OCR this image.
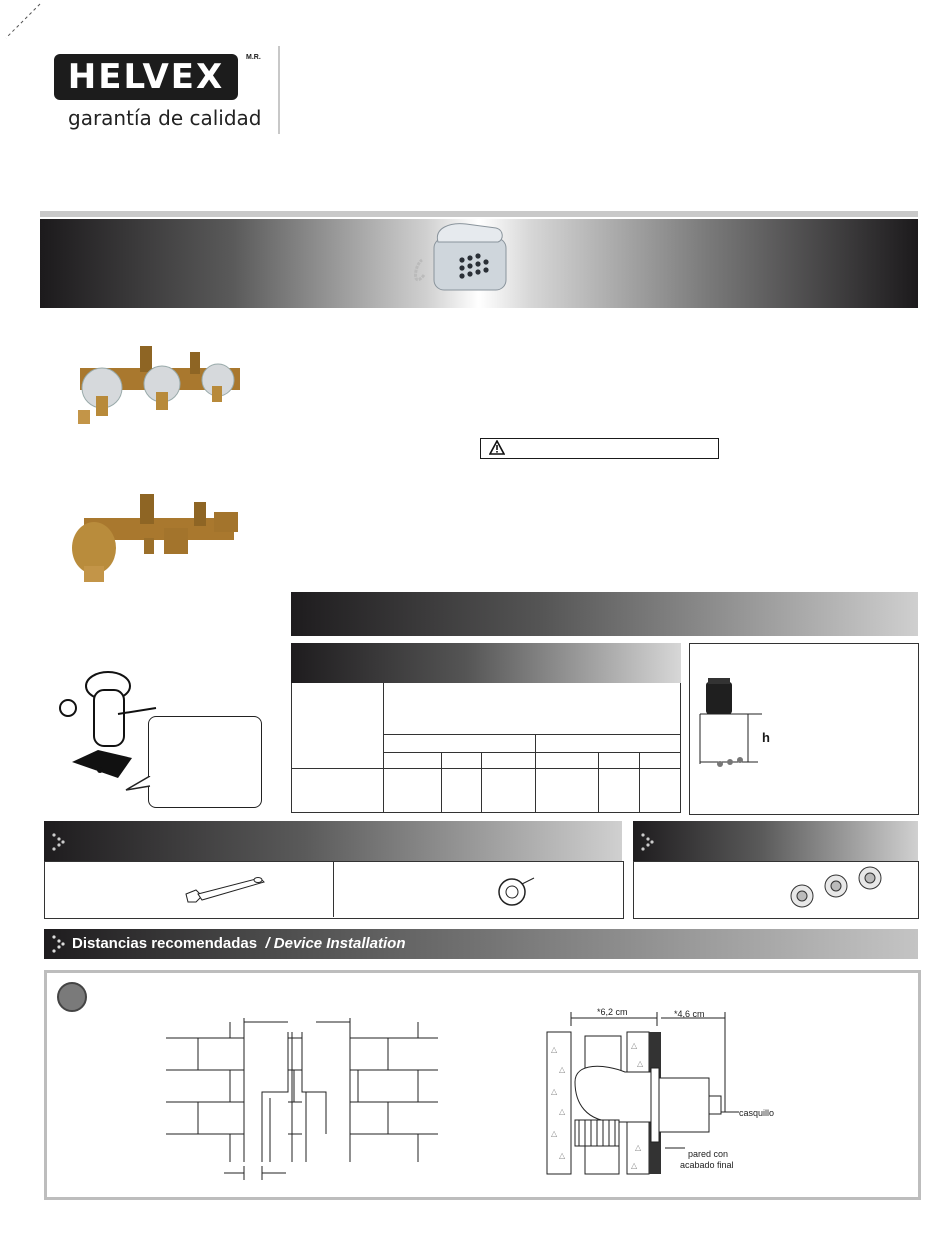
HELVEX	M.R.
garantía de calidad
h
Distancias recomendadas / Device Installation
△
△
△
△
△
△
△
△
△
△
*6,2 cm	*4,6 cm
casquillo
pared con
acabado final
